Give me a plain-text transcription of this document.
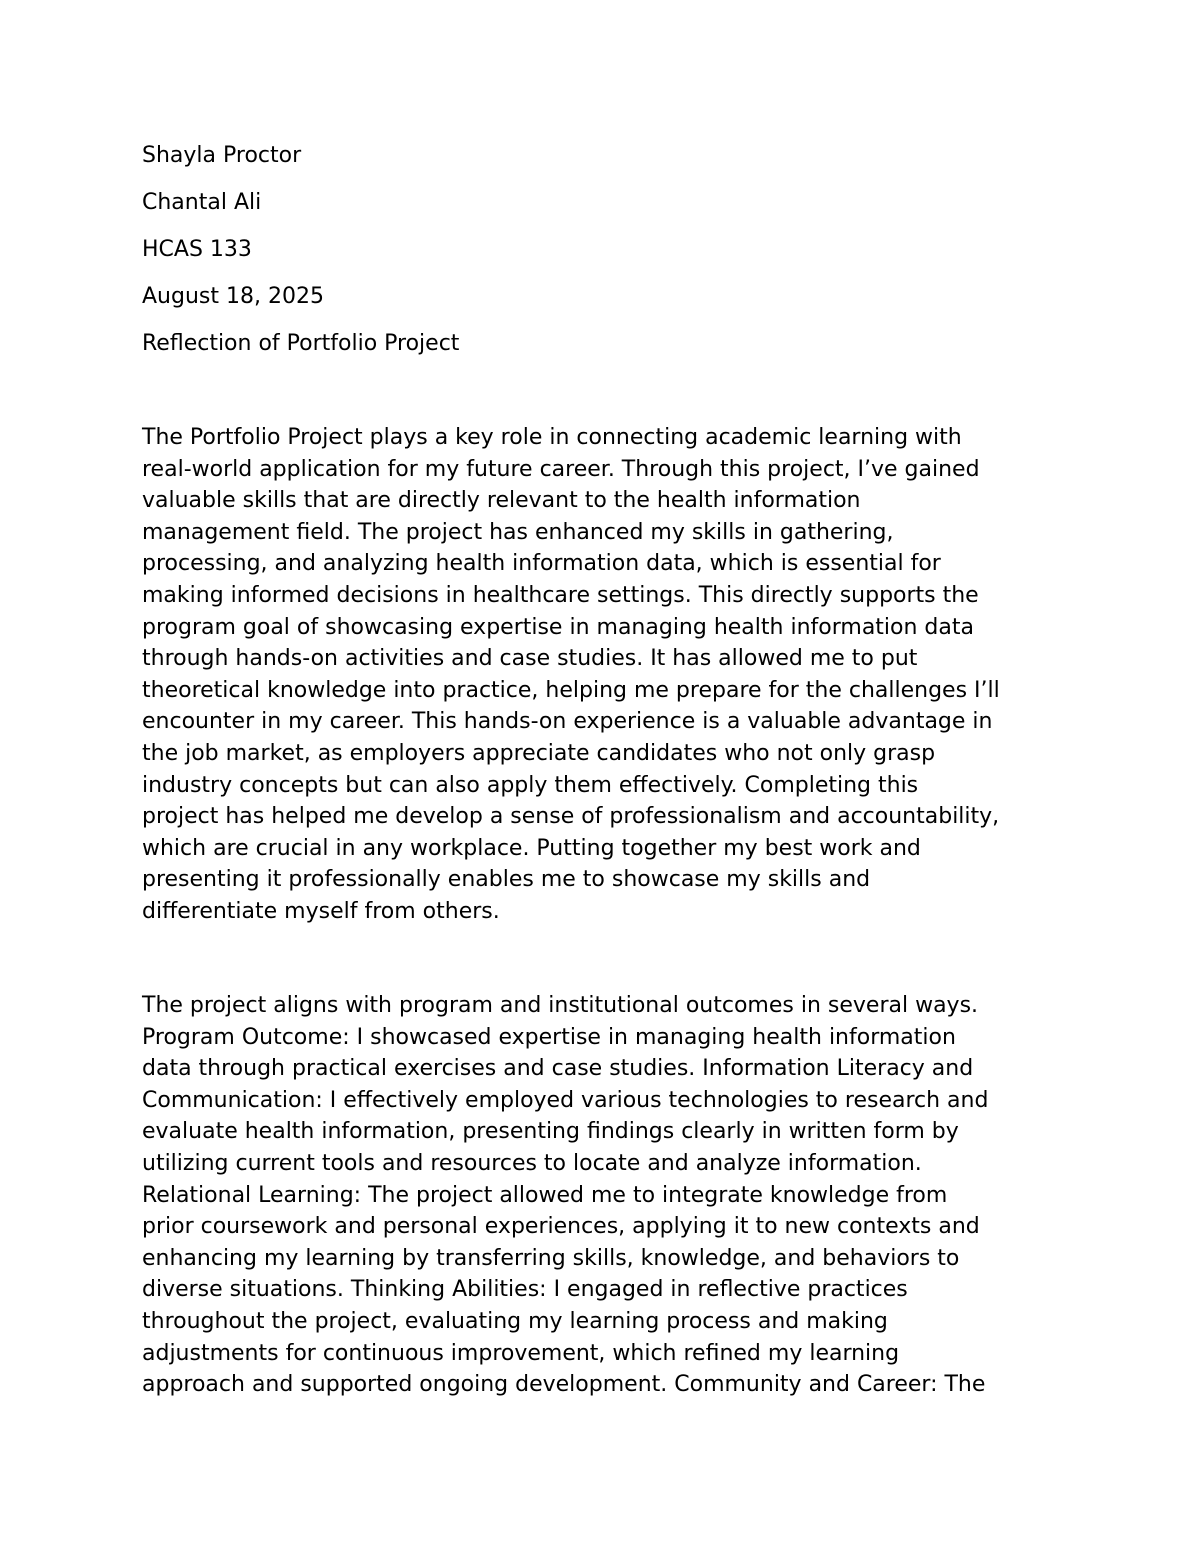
Shayla Proctor

Chantal Ali

HCAS 133

August 18, 2025

Reflection of Portfolio Project

The Portfolio Project plays a key role in connecting academic learning with
real-world application for my future career. Through this project, I’ve gained
valuable skills that are directly relevant to the health information
management field. The project has enhanced my skills in gathering,
processing, and analyzing health information data, which is essential for
making informed decisions in healthcare settings. This directly supports the
program goal of showcasing expertise in managing health information data
through hands-on activities and case studies. It has allowed me to put
theoretical knowledge into practice, helping me prepare for the challenges I’ll
encounter in my career. This hands-on experience is a valuable advantage in
the job market, as employers appreciate candidates who not only grasp
industry concepts but can also apply them effectively. Completing this
project has helped me develop a sense of professionalism and accountability,
which are crucial in any workplace. Putting together my best work and
presenting it professionally enables me to showcase my skills and
differentiate myself from others.
The project aligns with program and institutional outcomes in several ways.
Program Outcome: I showcased expertise in managing health information
data through practical exercises and case studies. Information Literacy and
Communication: I effectively employed various technologies to research and
evaluate health information, presenting findings clearly in written form by
utilizing current tools and resources to locate and analyze information.
Relational Learning: The project allowed me to integrate knowledge from
prior coursework and personal experiences, applying it to new contexts and
enhancing my learning by transferring skills, knowledge, and behaviors to
diverse situations. Thinking Abilities: I engaged in reflective practices
throughout the project, evaluating my learning process and making
adjustments for continuous improvement, which refined my learning
approach and supported ongoing development. Community and Career: The
